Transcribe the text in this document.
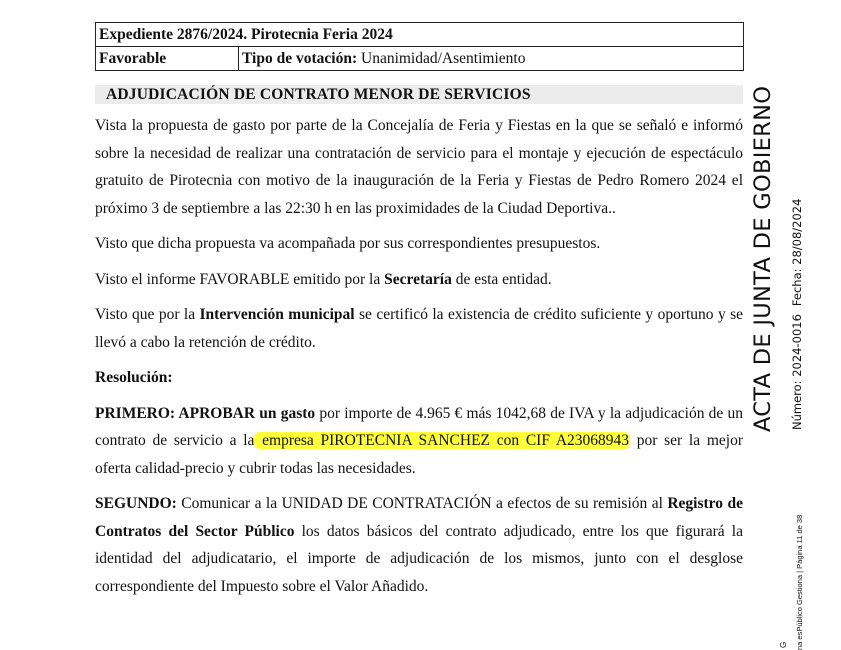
Expediente 2876/2024. Pirotecnia Feria 2024
Favorable	Tipo de votación: Unanimidad/Asentimiento
ADJUDICACIÓN DE CONTRATO MENOR DE SERVICIOS

Vista la propuesta de gasto por parte de la Concejalía de Feria y Fiestas en la que se señaló e informó sobre la necesidad de realizar una contratación de servicio para el montaje y ejecución de espectáculo gratuito de Pirotecnia con motivo de la inauguración de la Feria y Fiestas de Pedro Romero 2024 el próximo 3 de septiembre a las 22:30 h en las proximidades de la Ciudad Deportiva..

Visto que dicha propuesta va acompañada por sus correspondientes presupuestos.

Visto el informe FAVORABLE emitido por la Secretaría de esta entidad.

Visto que por la Intervención municipal se certificó la existencia de crédito suficiente y oportuno y se llevó a cabo la retención de crédito.

Resolución:

PRIMERO: APROBAR un gasto por importe de 4.965 € más 1042,68 de IVA y la adjudicación de un contrato de servicio a la empresa PIROTECNIA SANCHEZ con CIF A23068943 por ser la mejor oferta calidad-precio y cubrir todas las necesidades.

SEGUNDO: Comunicar a la UNIDAD DE CONTRATACIÓN a efectos de su remisión al Registro de Contratos del Sector Público los datos básicos del contrato adjudicado, entre los que figurará la identidad del adjudicatario, el importe de adjudicación de los mismos, junto con el desglose correspondiente del Impuesto sobre el Valor Añadido.

ACTA DE JUNTA DE GOBIERNO	Número: 2024-0016Fecha: 28/08/2024
na esPúblico Gestiona | Página 11 de 38
G
